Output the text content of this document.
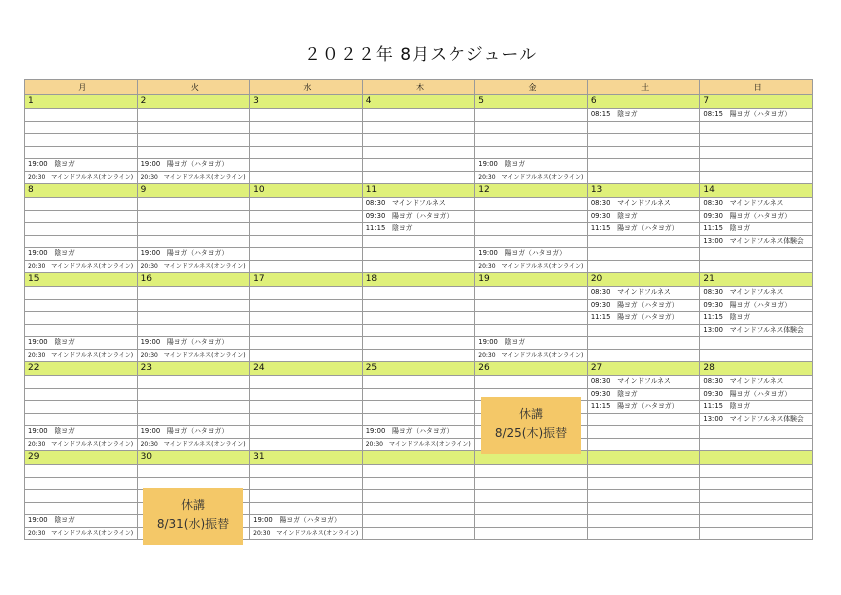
２０２２年 8月スケジュール
月	火	水	木	金	土	日
1	2	3	4	5	6	7
					08:15　陰ヨガ	08:15　陽ヨガ（ハタヨガ）

19:00　陰ヨガ	19:00　陽ヨガ（ハタヨガ）			19:00　陰ヨガ		
20:30　マインドフルネス(オンライン)	20:30　マインドフルネス(オンライン)			20:30　マインドフルネス(オンライン)		
8	9	10	11	12	13	14
			08:30　マインドフルネス		08:30　マインドフルネス	08:30　マインドフルネス
			09:30　陽ヨガ（ハタヨガ）		09:30　陰ヨガ	09:30　陽ヨガ（ハタヨガ）
			11:15　陰ヨガ		11:15　陽ヨガ（ハタヨガ）	11:15　陰ヨガ
						13:00　マインドフルネス体験会
19:00　陰ヨガ	19:00　陽ヨガ（ハタヨガ）			19:00　陽ヨガ（ハタヨガ）		
20:30　マインドフルネス(オンライン)	20:30　マインドフルネス(オンライン)			20:30　マインドフルネス(オンライン)		
15	16	17	18	19	20	21
					08:30　マインドフルネス	08:30　マインドフルネス
					09:30　陽ヨガ（ハタヨガ）	09:30　陽ヨガ（ハタヨガ）
					11:15　陽ヨガ（ハタヨガ）	11:15　陰ヨガ
						13:00　マインドフルネス体験会
19:00　陰ヨガ	19:00　陽ヨガ（ハタヨガ）			19:00　陰ヨガ		
20:30　マインドフルネス(オンライン)	20:30　マインドフルネス(オンライン)			20:30　マインドフルネス(オンライン)		
22	23	24	25	26	27	28
					08:30　マインドフルネス	08:30　マインドフルネス
					09:30　陰ヨガ	09:30　陽ヨガ（ハタヨガ）
					11:15　陽ヨガ（ハタヨガ）	11:15　陰ヨガ
						13:00　マインドフルネス体験会
19:00　陰ヨガ	19:00　陽ヨガ（ハタヨガ）		19:00　陽ヨガ（ハタヨガ）			
20:30　マインドフルネス(オンライン)	20:30　マインドフルネス(オンライン)		20:30　マインドフルネス(オンライン)			
29	30	31				

19:00　陰ヨガ		19:00　陽ヨガ（ハタヨガ）				
20:30　マインドフルネス(オンライン)		20:30　マインドフルネス(オンライン)				
休講
8/25(木)振替
休講
8/31(水)振替
